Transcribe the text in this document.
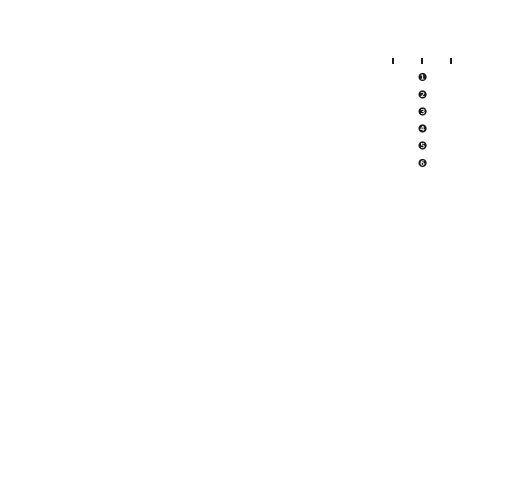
❶ ❷ ❸ ❹ ❺ ❻
